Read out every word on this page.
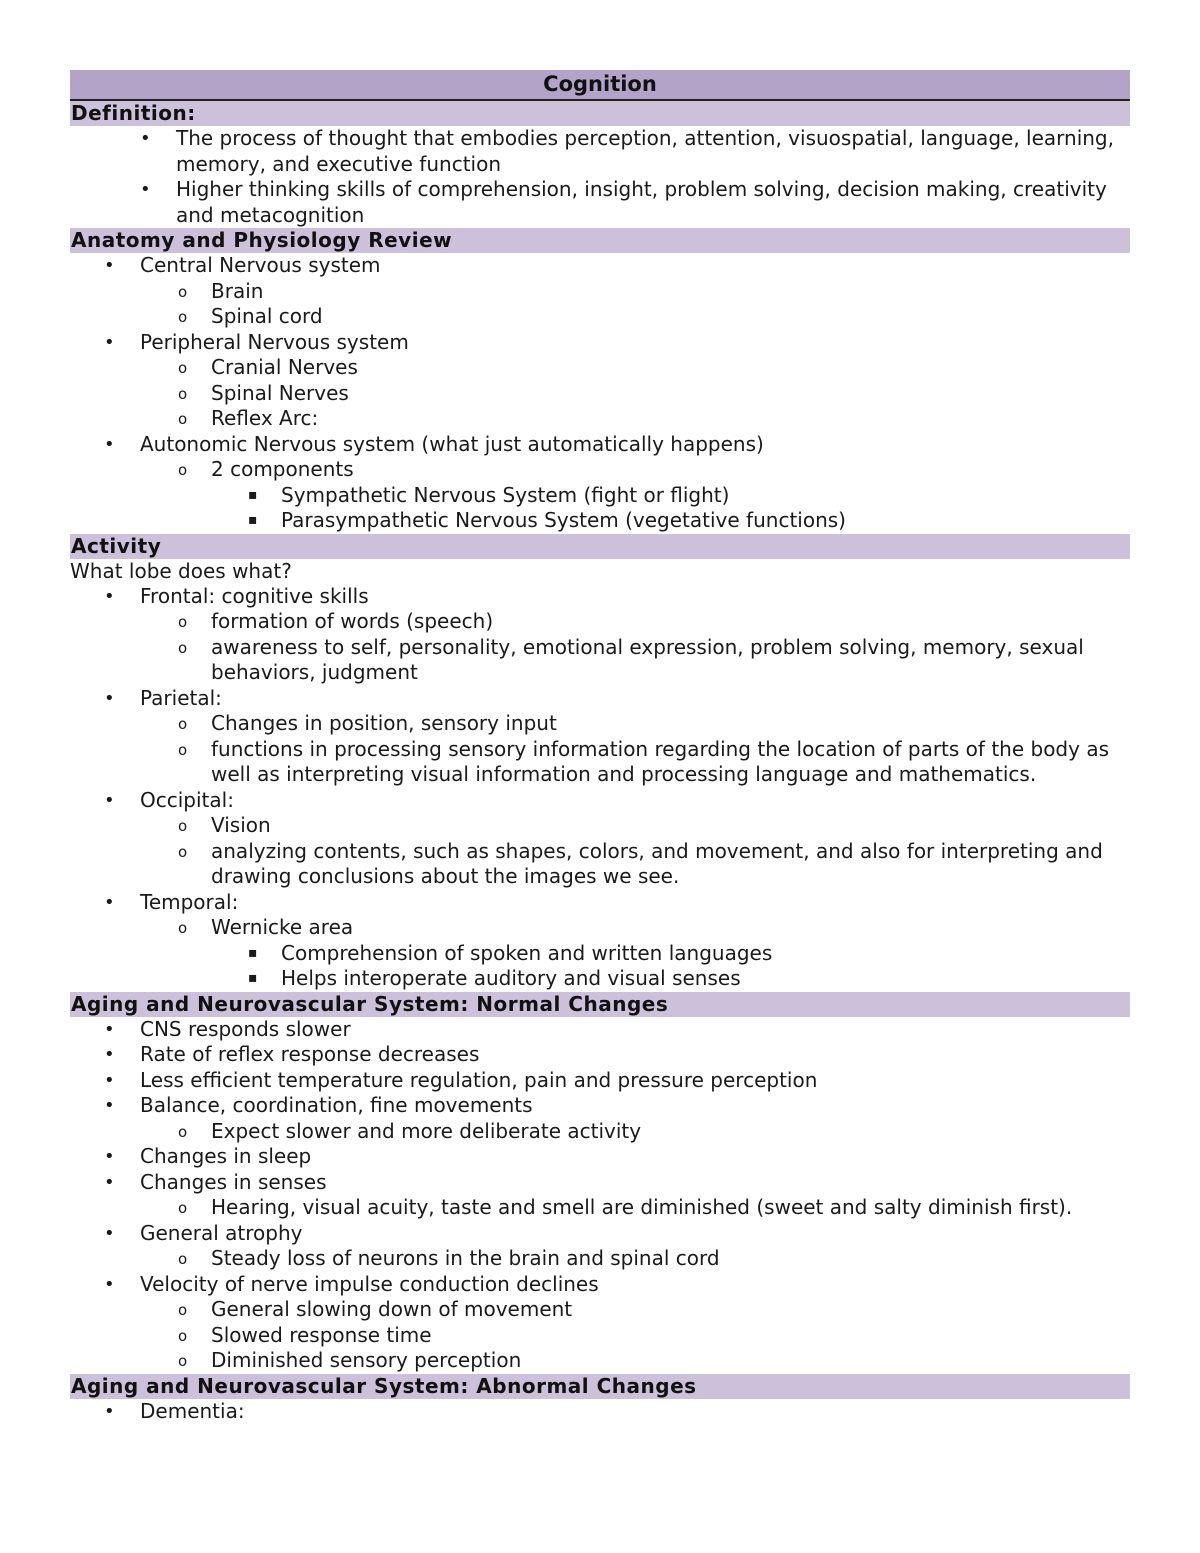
Cognition
Definition:
• The process of thought that embodies perception, attention, visuospatial, language, learning, memory, and executive function
• Higher thinking skills of comprehension, insight, problem solving, decision making, creativity and metacognition
Anatomy and Physiology Review
• Central Nervous system
o Brain
o Spinal cord
• Peripheral Nervous system
o Cranial Nerves
o Spinal Nerves
o Reflex Arc:
• Autonomic Nervous system (what just automatically happens)
o 2 components
▪ Sympathetic Nervous System (fight or flight)
▪ Parasympathetic Nervous System (vegetative functions)
Activity
What lobe does what?
• Frontal: cognitive skills
o formation of words (speech)
o awareness to self, personality, emotional expression, problem solving, memory, sexual behaviors, judgment
• Parietal:
o Changes in position, sensory input
o functions in processing sensory information regarding the location of parts of the body as well as interpreting visual information and processing language and mathematics.
• Occipital:
o Vision
o analyzing contents, such as shapes, colors, and movement, and also for interpreting and drawing conclusions about the images we see.
• Temporal:
o Wernicke area
▪ Comprehension of spoken and written languages
▪ Helps interoperate auditory and visual senses
Aging and Neurovascular System: Normal Changes
• CNS responds slower
• Rate of reflex response decreases
• Less efficient temperature regulation, pain and pressure perception
• Balance, coordination, fine movements
o Expect slower and more deliberate activity
• Changes in sleep
• Changes in senses
o Hearing, visual acuity, taste and smell are diminished (sweet and salty diminish first).
• General atrophy
o Steady loss of neurons in the brain and spinal cord
• Velocity of nerve impulse conduction declines
o General slowing down of movement
o Slowed response time
o Diminished sensory perception
Aging and Neurovascular System: Abnormal Changes
• Dementia:
